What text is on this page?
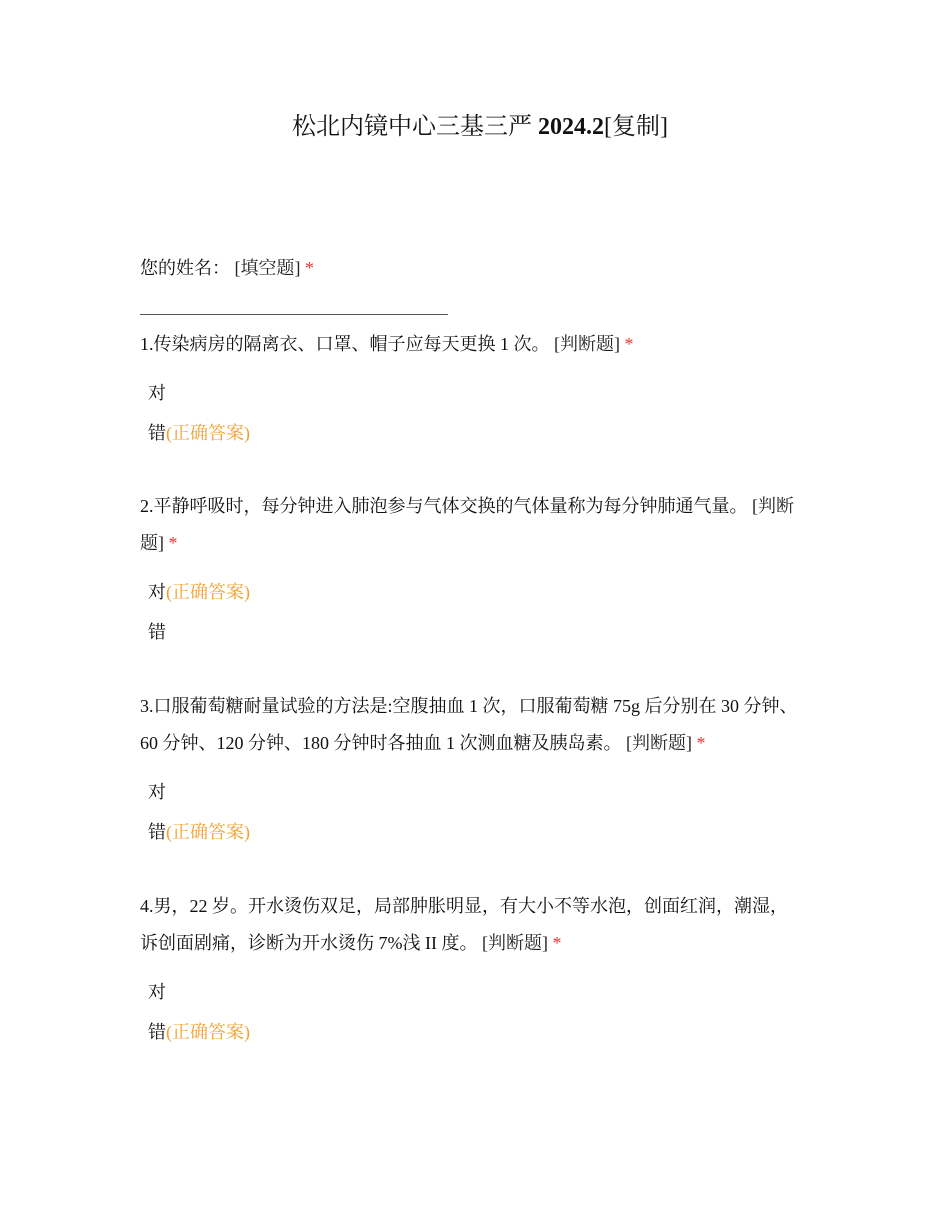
松北内镜中心三基三严 2024.2[复制]
您的姓名： [填空题] *
1.传染病房的隔离衣、口罩、帽子应每天更换 1 次。 [判断题] *
对
错(正确答案)
2.平静呼吸时，每分钟进入肺泡参与气体交换的气体量称为每分钟肺通气量。 [判断题] *
对(正确答案)
错
3.口服葡萄糖耐量试验的方法是:空腹抽血 1 次，口服葡萄糖 75g 后分别在 30 分钟、60 分钟、120 分钟、180 分钟时各抽血 1 次测血糖及胰岛素。 [判断题] *
对
错(正确答案)
4.男，22 岁。开水烫伤双足，局部肿胀明显，有大小不等水泡，创面红润，潮湿，诉创面剧痛，诊断为开水烫伤 7%浅 II 度。 [判断题] *
对
错(正确答案)
